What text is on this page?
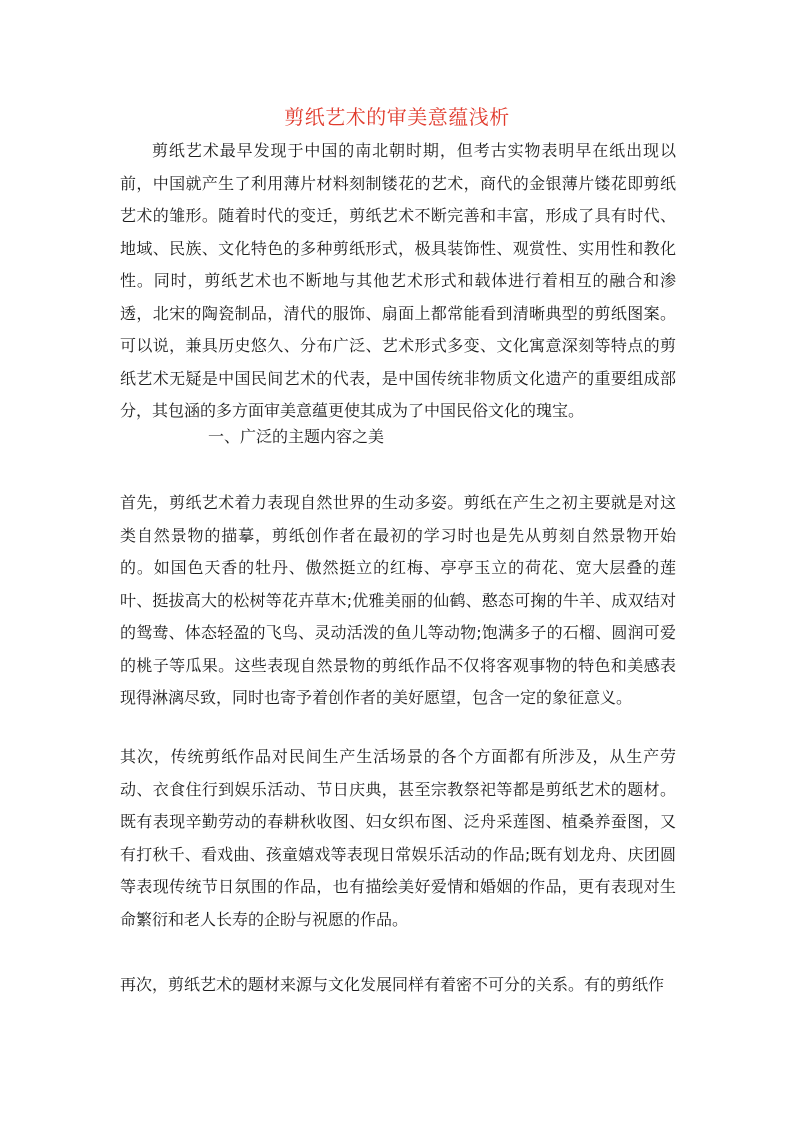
剪纸艺术的审美意蕴浅析
剪纸艺术最早发现于中国的南北朝时期，但考古实物表明早在纸出现以前，中国就产生了利用薄片材料刻制镂花的艺术，商代的金银薄片镂花即剪纸艺术的雏形。随着时代的变迁，剪纸艺术不断完善和丰富，形成了具有时代、地域、民族、文化特色的多种剪纸形式，极具装饰性、观赏性、实用性和教化性。同时，剪纸艺术也不断地与其他艺术形式和载体进行着相互的融合和渗透，北宋的陶瓷制品，清代的服饰、扇面上都常能看到清晰典型的剪纸图案。可以说，兼具历史悠久、分布广泛、艺术形式多变、文化寓意深刻等特点的剪纸艺术无疑是中国民间艺术的代表，是中国传统非物质文化遗产的重要组成部分，其包涵的多方面审美意蕴更使其成为了中国民俗文化的瑰宝。
一、广泛的主题内容之美
首先，剪纸艺术着力表现自然世界的生动多姿。剪纸在产生之初主要就是对这类自然景物的描摹，剪纸创作者在最初的学习时也是先从剪刻自然景物开始的。如国色天香的牡丹、傲然挺立的红梅、亭亭玉立的荷花、宽大层叠的莲叶、挺拔高大的松树等花卉草木;优雅美丽的仙鹤、憨态可掬的牛羊、成双结对的鸳鸯、体态轻盈的飞鸟、灵动活泼的鱼儿等动物;饱满多子的石榴、圆润可爱的桃子等瓜果。这些表现自然景物的剪纸作品不仅将客观事物的特色和美感表现得淋漓尽致，同时也寄予着创作者的美好愿望，包含一定的象征意义。
其次，传统剪纸作品对民间生产生活场景的各个方面都有所涉及，从生产劳动、衣食住行到娱乐活动、节日庆典，甚至宗教祭祀等都是剪纸艺术的题材。既有表现辛勤劳动的春耕秋收图、妇女织布图、泛舟采莲图、植桑养蚕图，又有打秋千、看戏曲、孩童嬉戏等表现日常娱乐活动的作品;既有划龙舟、庆团圆等表现传统节日氛围的作品，也有描绘美好爱情和婚姻的作品，更有表现对生命繁衍和老人长寿的企盼与祝愿的作品。
再次，剪纸艺术的题材来源与文化发展同样有着密不可分的关系。有的剪纸作
